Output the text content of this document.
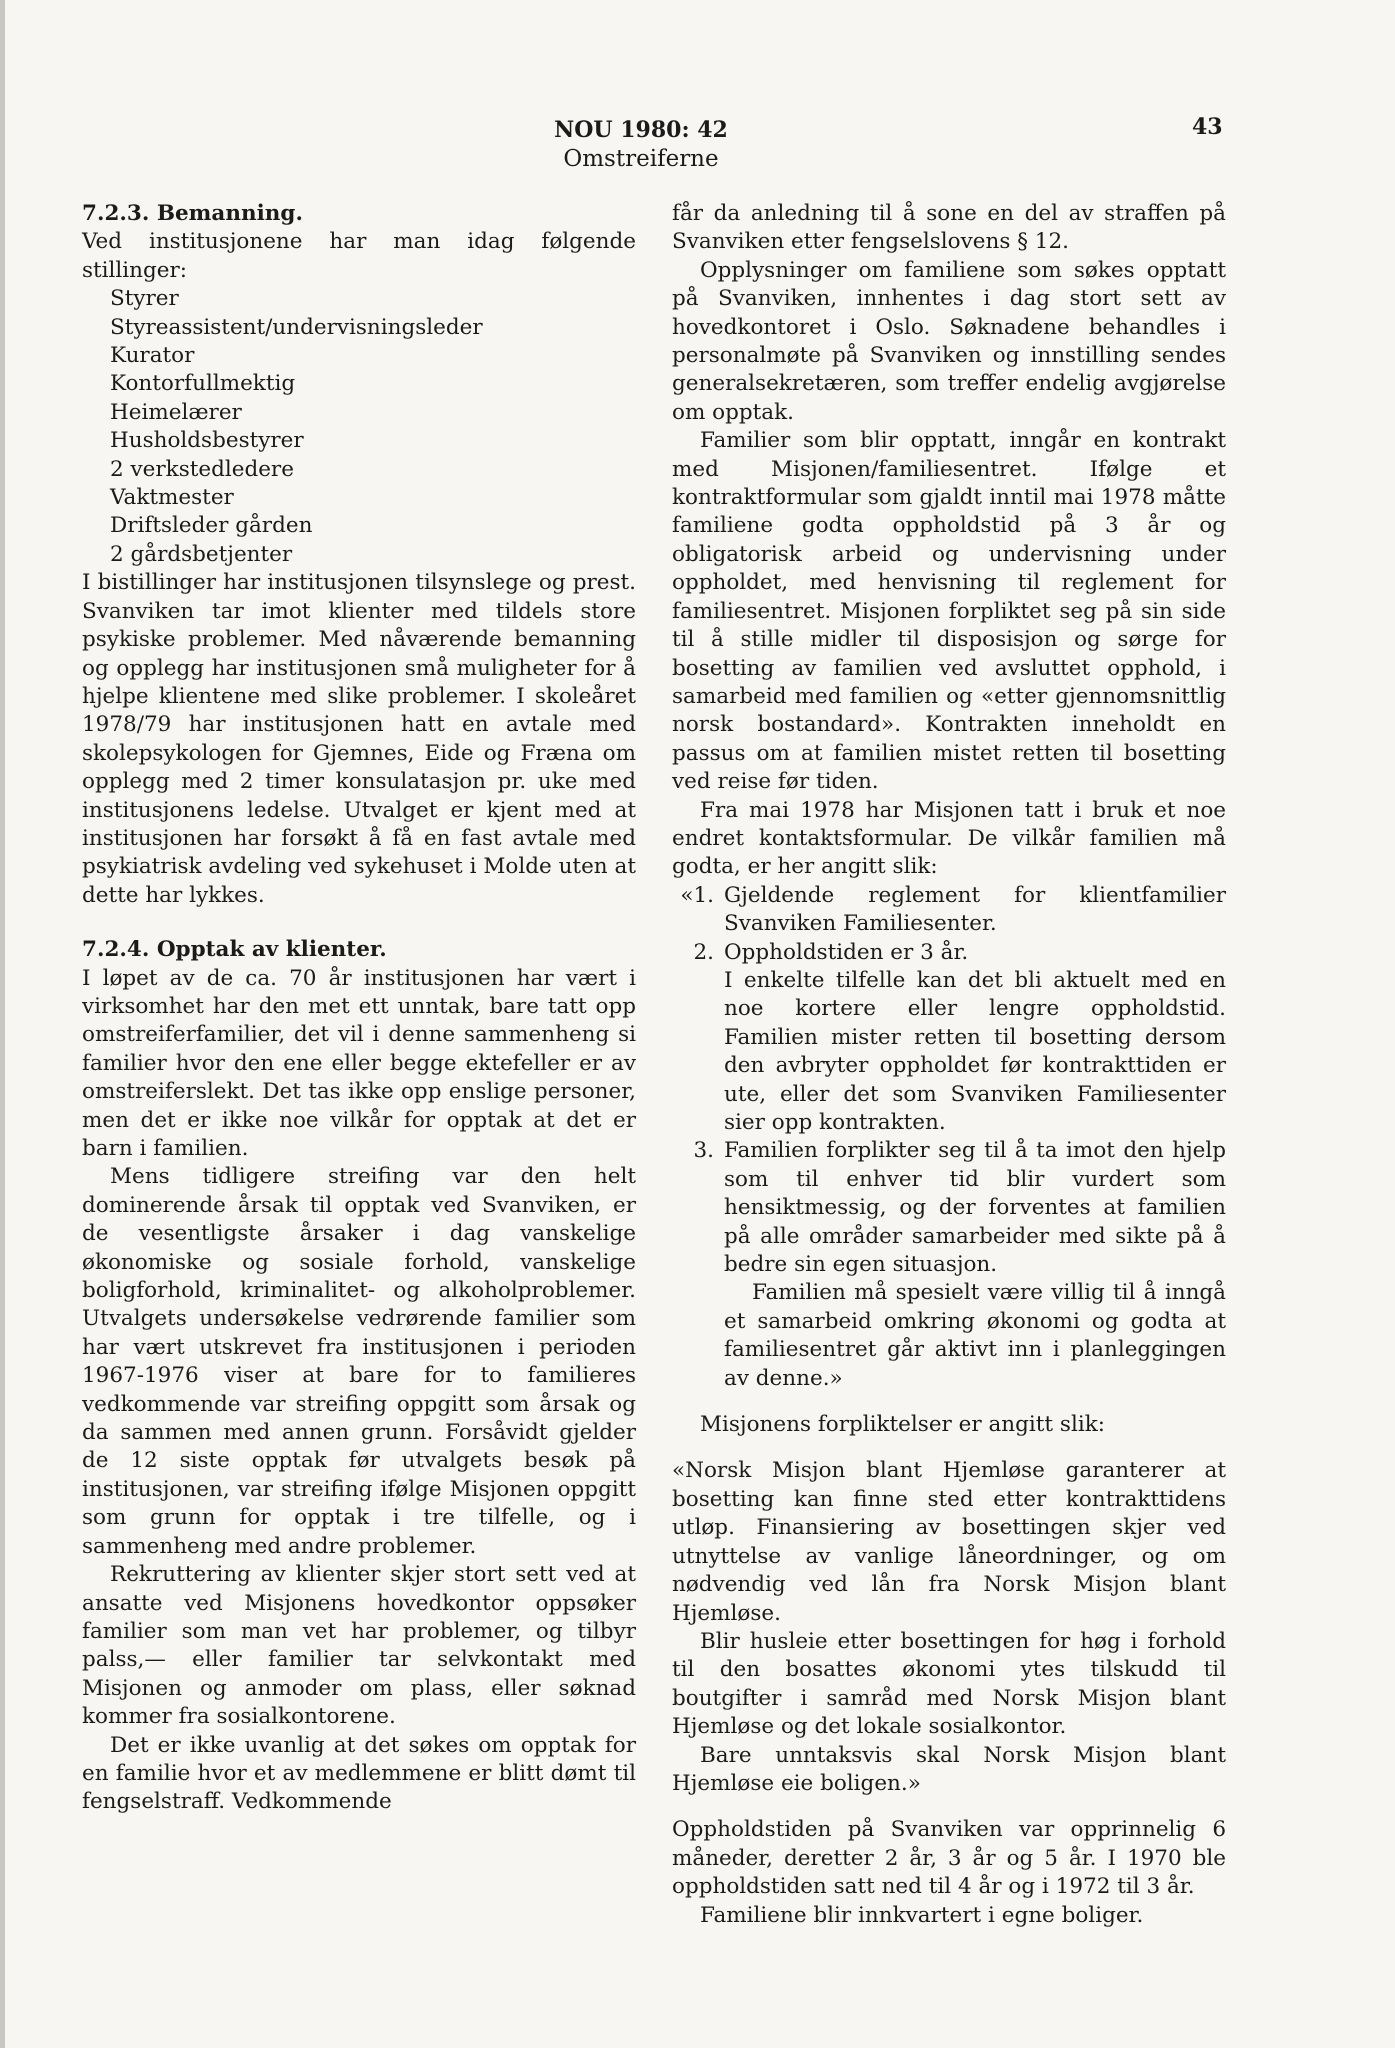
NOU 1980: 42
Omstreiferne
43

7.2.3. Bemanning.

Ved institusjonene har man idag følgende stillinger:

Styrer
Styreassistent/undervisningsleder
Kurator
Kontorfullmektig
Heimelærer
Husholdsbestyrer
2 verkstedledere
Vaktmester
Driftsleder gården
2 gårdsbetjenter

I bistillinger har institusjonen tilsynslege og prest. Svanviken tar imot klienter med tildels store psykiske problemer. Med nåværende bemanning og opplegg har institusjonen små muligheter for å hjelpe klientene med slike problemer. I skoleåret 1978/79 har institusjonen hatt en avtale med skolepsykologen for Gjemnes, Eide og Fræna om opplegg med 2 timer konsulatasjon pr. uke med institusjonens ledelse. Utvalget er kjent med at institusjonen har forsøkt å få en fast avtale med psykiatrisk avdeling ved sykehuset i Molde uten at dette har lykkes.

7.2.4. Opptak av klienter.

I løpet av de ca. 70 år institusjonen har vært i virksomhet har den met ett unntak, bare tatt opp omstreiferfamilier, det vil i denne sammenheng si familier hvor den ene eller begge ektefeller er av omstreiferslekt. Det tas ikke opp enslige personer, men det er ikke noe vilkår for opptak at det er barn i familien.

Mens tidligere streifing var den helt dominerende årsak til opptak ved Svanviken, er de vesentligste årsaker i dag vanskelige økonomiske og sosiale forhold, vanskelige boligforhold, kriminalitet- og alkoholproblemer. Utvalgets undersøkelse vedrørende familier som har vært utskrevet fra institusjonen i perioden 1967-1976 viser at bare for to familieres vedkommende var streifing oppgitt som årsak og da sammen med annen grunn. Forsåvidt gjelder de 12 siste opptak før utvalgets besøk på institusjonen, var streifing ifølge Misjonen oppgitt som grunn for opptak i tre tilfelle, og i sammenheng med andre problemer.

Rekruttering av klienter skjer stort sett ved at ansatte ved Misjonens hovedkontor oppsøker familier som man vet har problemer, og tilbyr palss,— eller familier tar selvkontakt med Misjonen og anmoder om plass, eller søknad kommer fra sosialkontorene.

Det er ikke uvanlig at det søkes om opptak for en familie hvor et av medlemmene er blitt dømt til fengselstraff. Vedkommende

får da anledning til å sone en del av straffen på Svanviken etter fengselslovens § 12.

Opplysninger om familiene som søkes opptatt på Svanviken, innhentes i dag stort sett av hovedkontoret i Oslo. Søknadene behandles i personalmøte på Svanviken og innstilling sendes generalsekretæren, som treffer endelig avgjørelse om opptak.

Familier som blir opptatt, inngår en kontrakt med Misjonen/familiesentret. Ifølge et kontraktformular som gjaldt inntil mai 1978 måtte familiene godta oppholdstid på 3 år og obligatorisk arbeid og undervisning under oppholdet, med henvisning til reglement for familiesentret. Misjonen forpliktet seg på sin side til å stille midler til disposisjon og sørge for bosetting av familien ved avsluttet opphold, i samarbeid med familien og «etter gjennomsnittlig norsk bostandard». Kontrakten inneholdt en passus om at familien mistet retten til bosetting ved reise før tiden.

Fra mai 1978 har Misjonen tatt i bruk et noe endret kontaktsformular. De vilkår familien må godta, er her angitt slik:

«1. Gjeldende reglement for klientfamilier Svanviken Familiesenter.
2. Oppholdstiden er 3 år.
I enkelte tilfelle kan det bli aktuelt med en noe kortere eller lengre oppholdstid. Familien mister retten til bosetting dersom den avbryter oppholdet før kontrakttiden er ute, eller det som Svanviken Familiesenter sier opp kontrakten.
3. Familien forplikter seg til å ta imot den hjelp som til enhver tid blir vurdert som hensiktmessig, og der forventes at familien på alle områder samarbeider med sikte på å bedre sin egen situasjon.
Familien må spesielt være villig til å inngå et samarbeid omkring økonomi og godta at familiesentret går aktivt inn i planleggingen av denne.»

Misjonens forpliktelser er angitt slik:

«Norsk Misjon blant Hjemløse garanterer at bosetting kan finne sted etter kontrakttidens utløp. Finansiering av bosettingen skjer ved utnyttelse av vanlige låneordninger, og om nødvendig ved lån fra Norsk Misjon blant Hjemløse.

Blir husleie etter bosettingen for høg i forhold til den bosattes økonomi ytes tilskudd til boutgifter i samråd med Norsk Misjon blant Hjemløse og det lokale sosialkontor.

Bare unntaksvis skal Norsk Misjon blant Hjemløse eie boligen.»

Oppholdstiden på Svanviken var opprinnelig 6 måneder, deretter 2 år, 3 år og 5 år. I 1970 ble oppholdstiden satt ned til 4 år og i 1972 til 3 år.

Familiene blir innkvartert i egne boliger.
